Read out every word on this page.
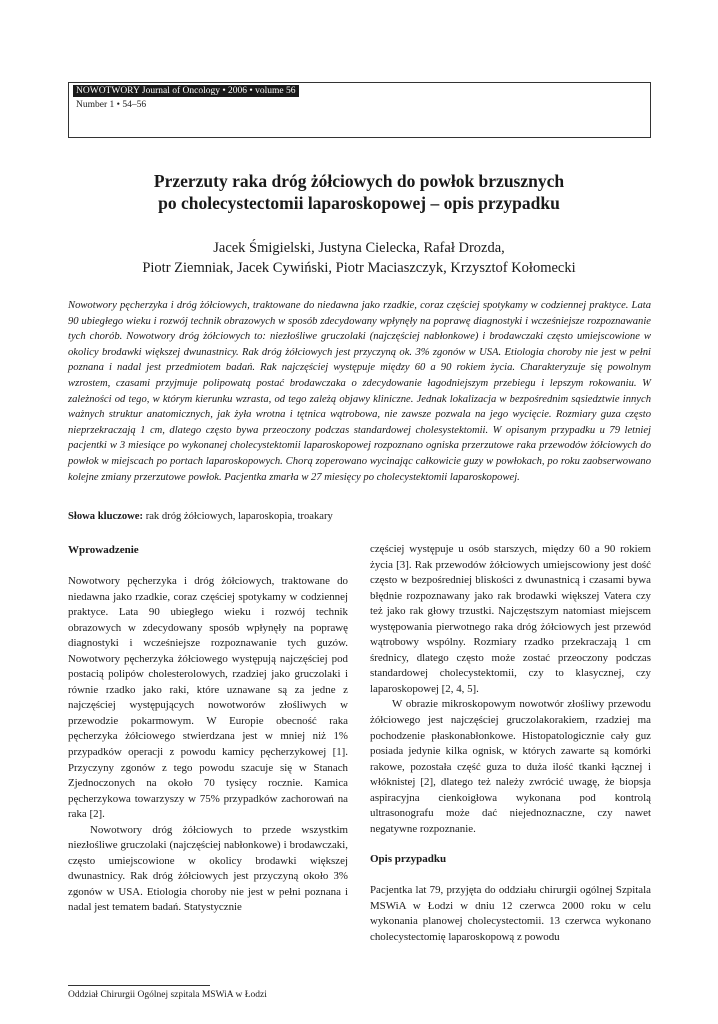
NOWOTWORY Journal of Oncology • 2006 • volume 56
Number 1 • 54–56
Przerzuty raka dróg żółciowych do powłok brzusznych
po cholecystectomii laparoskopowej – opis przypadku

Jacek Śmigielski, Justyna Cielecka, Rafał Drozda,
Piotr Ziemniak, Jacek Cywiński, Piotr Maciaszczyk, Krzysztof Kołomecki

Nowotwory pęcherzyka i dróg żółciowych, traktowane do niedawna jako rzadkie, coraz częściej spotykamy w codziennej praktyce. Lata 90 ubiegłego wieku i rozwój technik obrazowych w sposób zdecydowany wpłynęły na poprawę diagnostyki i wcześniejsze rozpoznawanie tych chorób. Nowotwory dróg żółciowych to: niezłośliwe gruczolaki (najczęściej nabłonkowe) i brodawczaki często umiejscowione w okolicy brodawki większej dwunastnicy. Rak dróg żółciowych jest przyczyną ok. 3% zgonów w USA. Etiologia choroby nie jest w pełni poznana i nadal jest przedmiotem badań. Rak najczęściej występuje między 60 a 90 rokiem życia. Charakteryzuje się powolnym wzrostem, czasami przyjmuje polipowatą postać brodawczaka o zdecydowanie łagodniejszym przebiegu i lepszym rokowaniu. W zależności od tego, w którym kierunku wzrasta, od tego zależą objawy kliniczne. Jednak lokalizacja w bezpośrednim sąsiedztwie innych ważnych struktur anatomicznych, jak żyła wrotna i tętnica wątrobowa, nie zawsze pozwala na jego wycięcie. Rozmiary guza często nieprzekraczają 1 cm, dlatego często bywa przeoczony podczas standardowej cholesystektomii. W opisanym przypadku u 79 letniej pacjentki w 3 miesiące po wykonanej cholecystektomii laparoskopowej rozpoznano ogniska przerzutowe raka przewodów żółciowych do powłok w miejscach po portach laparoskopowych. Chorą zoperowano wycinając całkowicie guzy w powłokach, po roku zaobserwowano kolejne zmiany przerzutowe powłok. Pacjentka zmarła w 27 miesięcy po cholecystektomii laparoskopowej.

Słowa kluczowe: rak dróg żółciowych, laparoskopia, troakary

Wprowadzenie

Nowotwory pęcherzyka i dróg żółciowych, traktowane do niedawna jako rzadkie, coraz częściej spotykamy w codziennej praktyce. Lata 90 ubiegłego wieku i rozwój technik obrazowych w zdecydowany sposób wpłynęły na poprawę diagnostyki i wcześniejsze rozpoznawanie tych guzów. Nowotwory pęcherzyka żółciowego występują najczęściej pod postacią polipów cholesterolowych, rzadziej jako gruczolaki i równie rzadko jako raki, które uznawane są za jedne z najczęściej występujących nowotworów złośliwych w przewodzie pokarmowym. W Europie obecność raka pęcherzyka żółciowego stwierdzana jest w mniej niż 1% przypadków operacji z powodu kamicy pęcherzykowej [1]. Przyczyny zgonów z tego powodu szacuje się w Stanach Zjednoczonych na około 70 tysięcy rocznie. Kamica pęcherzykowa towarzyszy w 75% przypadków zachorowań na raka [2].

Nowotwory dróg żółciowych to przede wszystkim niezłośliwe gruczolaki (najczęściej nabłonkowe) i brodawczaki, często umiejscowione w okolicy brodawki większej dwunastnicy. Rak dróg żółciowych jest przyczyną około 3% zgonów w USA. Etiologia choroby nie jest w pełni poznana i nadal jest tematem badań. Statystycznie

częściej występuje u osób starszych, między 60 a 90 rokiem życia [3]. Rak przewodów żółciowych umiejscowiony jest dość często w bezpośredniej bliskości z dwunastnicą i czasami bywa błędnie rozpoznawany jako rak brodawki większej Vatera czy też jako rak głowy trzustki. Najczęstszym natomiast miejscem występowania pierwotnego raka dróg żółciowych jest przewód wątrobowy wspólny. Rozmiary rzadko przekraczają 1 cm średnicy, dlatego często może zostać przeoczony podczas standardowej cholecystektomii, czy to klasycznej, czy laparoskopowej [2, 4, 5].

W obrazie mikroskopowym nowotwór złośliwy przewodu żółciowego jest najczęściej gruczolakorakiem, rzadziej ma pochodzenie płaskonabłonkowe. Histopatologicznie cały guz posiada jedynie kilka ognisk, w których zawarte są komórki rakowe, pozostała część guza to duża ilość tkanki łącznej i włóknistej [2], dlatego też należy zwrócić uwagę, że biopsja aspiracyjna cienkoigłowa wykonana pod kontrolą ultrasonografu może dać niejednoznaczne, czy nawet negatywne rozpoznanie.

Opis przypadku

Pacjentka lat 79, przyjęta do oddziału chirurgii ogólnej Szpitala MSWiA w Łodzi w dniu 12 czerwca 2000 roku w celu wykonania planowej cholecystectomii. 13 czerwca wykonano cholecystectomię laparoskopową z powodu

Oddział Chirurgii Ogólnej szpitala MSWiA w Łodzi
